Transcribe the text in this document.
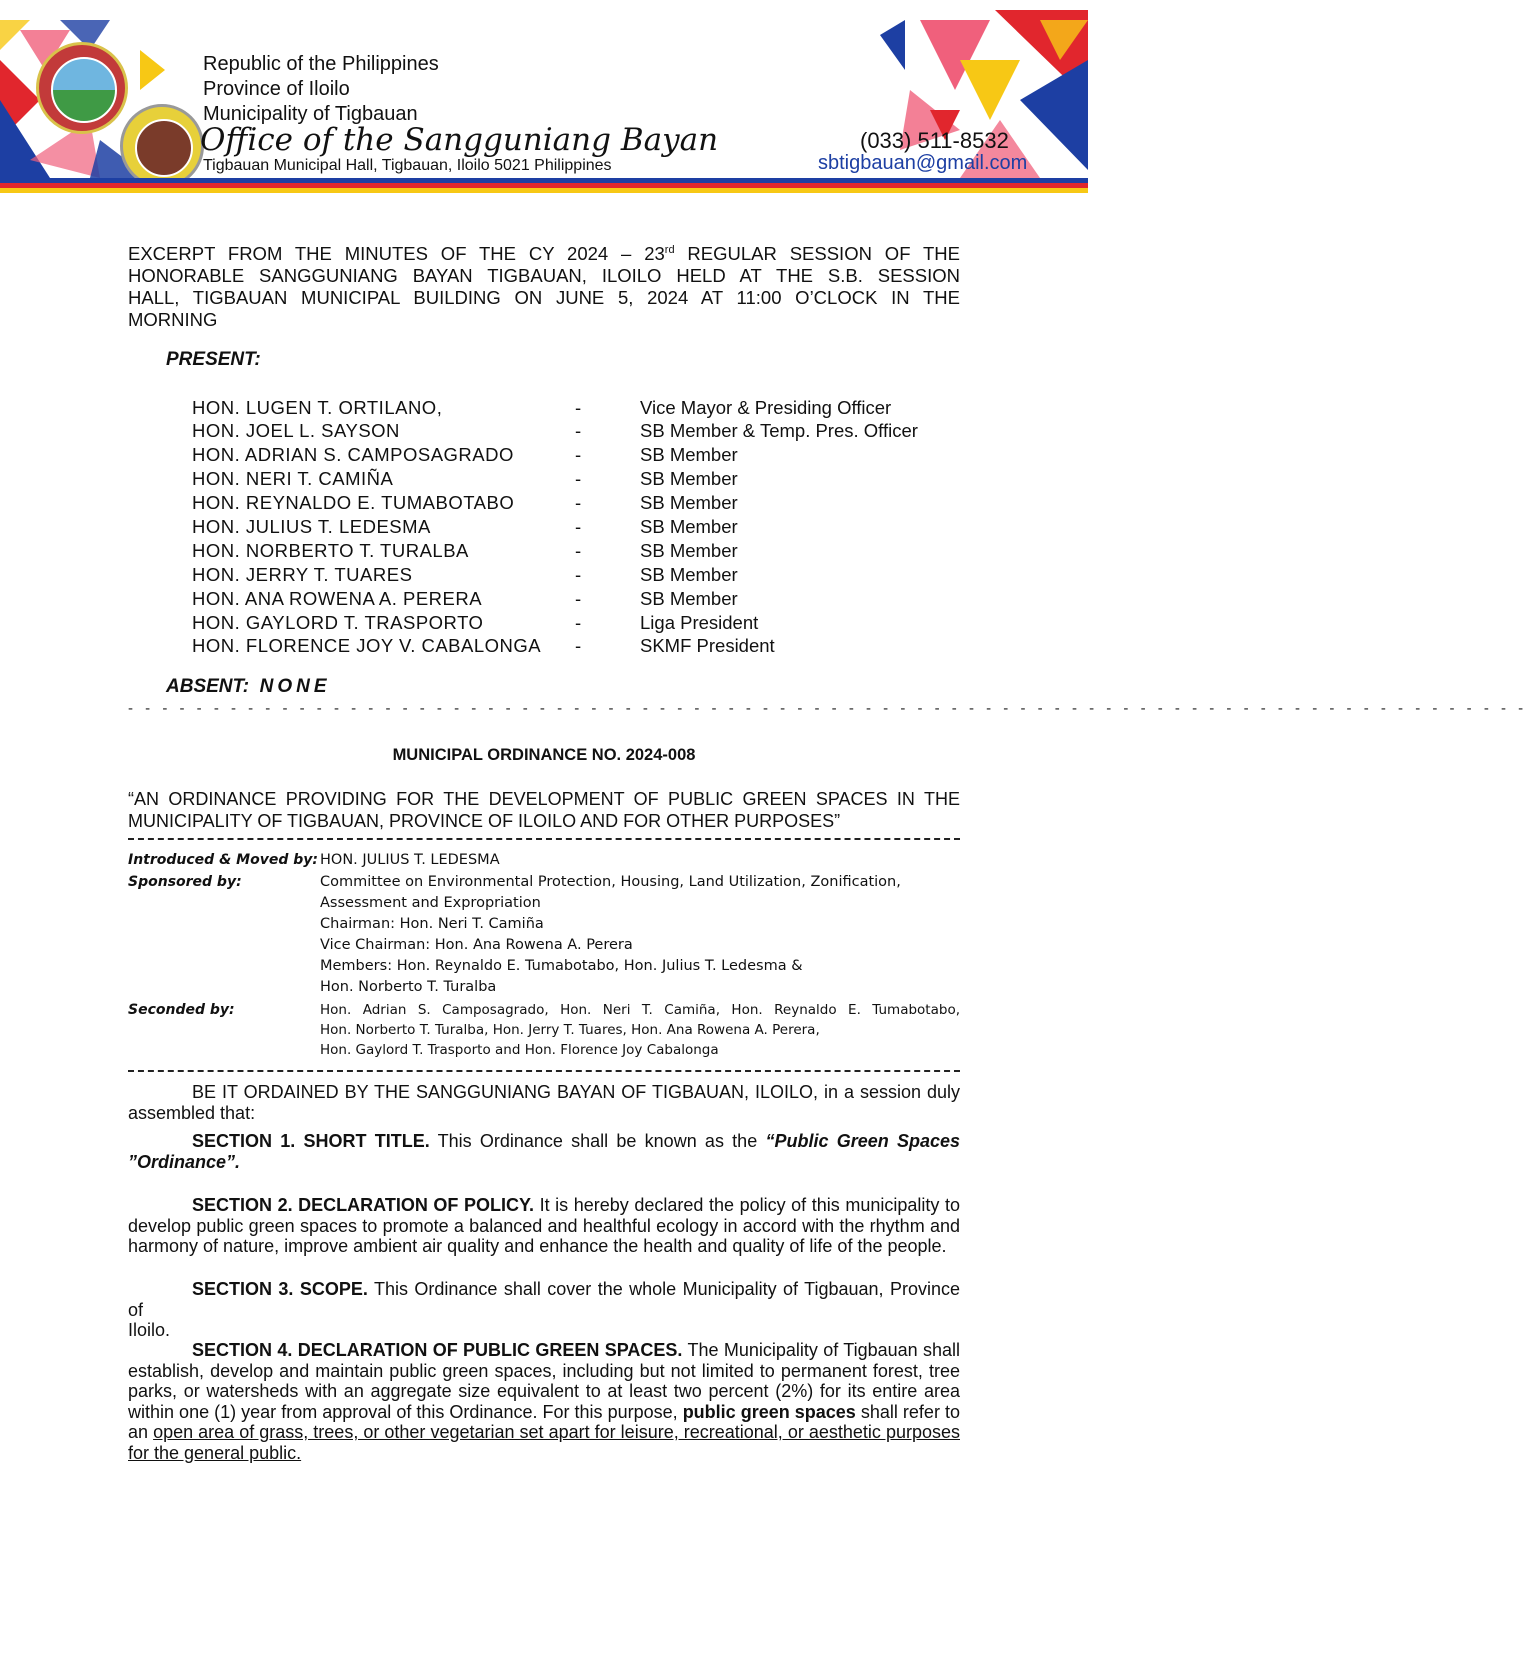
Republic of the Philippines
Province of Iloilo
Municipality of Tigbauan
Office of the Sangguniang Bayan
Tigbauan Municipal Hall, Tigbauan, Iloilo 5021 Philippines
(033) 511-8532
sbtigbauan@gmail.com
EXCERPT FROM THE MINUTES OF THE CY 2024 – 23rd REGULAR SESSION OF THE
HONORABLE SANGGUNIANG BAYAN TIGBAUAN, ILOILO HELD AT THE S.B. SESSION
HALL, TIGBAUAN MUNICIPAL BUILDING ON JUNE 5, 2024 AT 11:00 O’CLOCK IN THE
MORNING
PRESENT:
HON. LUGEN T. ORTILANO,	-	Vice Mayor & Presiding Officer
HON. JOEL L. SAYSON	-	SB Member & Temp. Pres. Officer
HON. ADRIAN S. CAMPOSAGRADO	-	SB Member
HON. NERI T. CAMIÑA	-	SB Member
HON. REYNALDO E. TUMABOTABO	-	SB Member
HON. JULIUS T. LEDESMA	-	SB Member
HON. NORBERTO T. TURALBA	-	SB Member
HON. JERRY T. TUARES	-	SB Member
HON. ANA ROWENA A. PERERA	-	SB Member
HON. GAYLORD T. TRASPORTO	-	Liga President
HON. FLORENCE JOY V. CABALONGA -	SKMF President
ABSENT: NONE
- - - - - - - - - - - - - - - - - - - - - - - - - - - - - - - - - - - - - - - - - - - - - - - - - - - - - - - - - - - - - - - - - - - - - - - - - - - - - - - - - -
MUNICIPAL ORDINANCE NO. 2024-008
“AN ORDINANCE PROVIDING FOR THE DEVELOPMENT OF PUBLIC GREEN SPACES IN THE
MUNICIPALITY OF TIGBAUAN, PROVINCE OF ILOILO AND FOR OTHER PURPOSES”
Introduced & Moved by: HON. JULIUS T. LEDESMA
Sponsored by:	Committee on Environmental Protection, Housing, Land Utilization, Zonification,
Assessment and Expropriation
Chairman: Hon. Neri T. Camiña
Vice Chairman: Hon. Ana Rowena A. Perera
Members: Hon. Reynaldo E. Tumabotabo, Hon. Julius T. Ledesma &
Hon. Norberto T. Turalba
Seconded by:	Hon. Adrian S. Camposagrado, Hon. Neri T. Camiña, Hon. Reynaldo E. Tumabotabo,
Hon. Norberto T. Turalba, Hon. Jerry T. Tuares, Hon. Ana Rowena A. Perera,
Hon. Gaylord T. Trasporto and Hon. Florence Joy Cabalonga
BE IT ORDAINED BY THE SANGGUNIANG BAYAN OF TIGBAUAN, ILOILO, in a session duly
assembled that:
SECTION 1. SHORT TITLE. This Ordinance shall be known as the “Public Green Spaces
”Ordinance”.
SECTION 2. DECLARATION OF POLICY. It is hereby declared the policy of this municipality to
develop public green spaces to promote a balanced and healthful ecology in accord with the rhythm and
harmony of nature, improve ambient air quality and enhance the health and quality of life of the people.
SECTION 3. SCOPE. This Ordinance shall cover the whole Municipality of Tigbauan, Province of
Iloilo.
SECTION 4. DECLARATION OF PUBLIC GREEN SPACES. The Municipality of Tigbauan shall
establish, develop and maintain public green spaces, including but not limited to permanent forest, tree
parks, or watersheds with an aggregate size equivalent to at least two percent (2%) for its entire area
within one (1) year from approval of this Ordinance. For this purpose, public green spaces shall refer to
an open area of grass, trees, or other vegetarian set apart for leisure, recreational, or aesthetic purposes
for the general public.
